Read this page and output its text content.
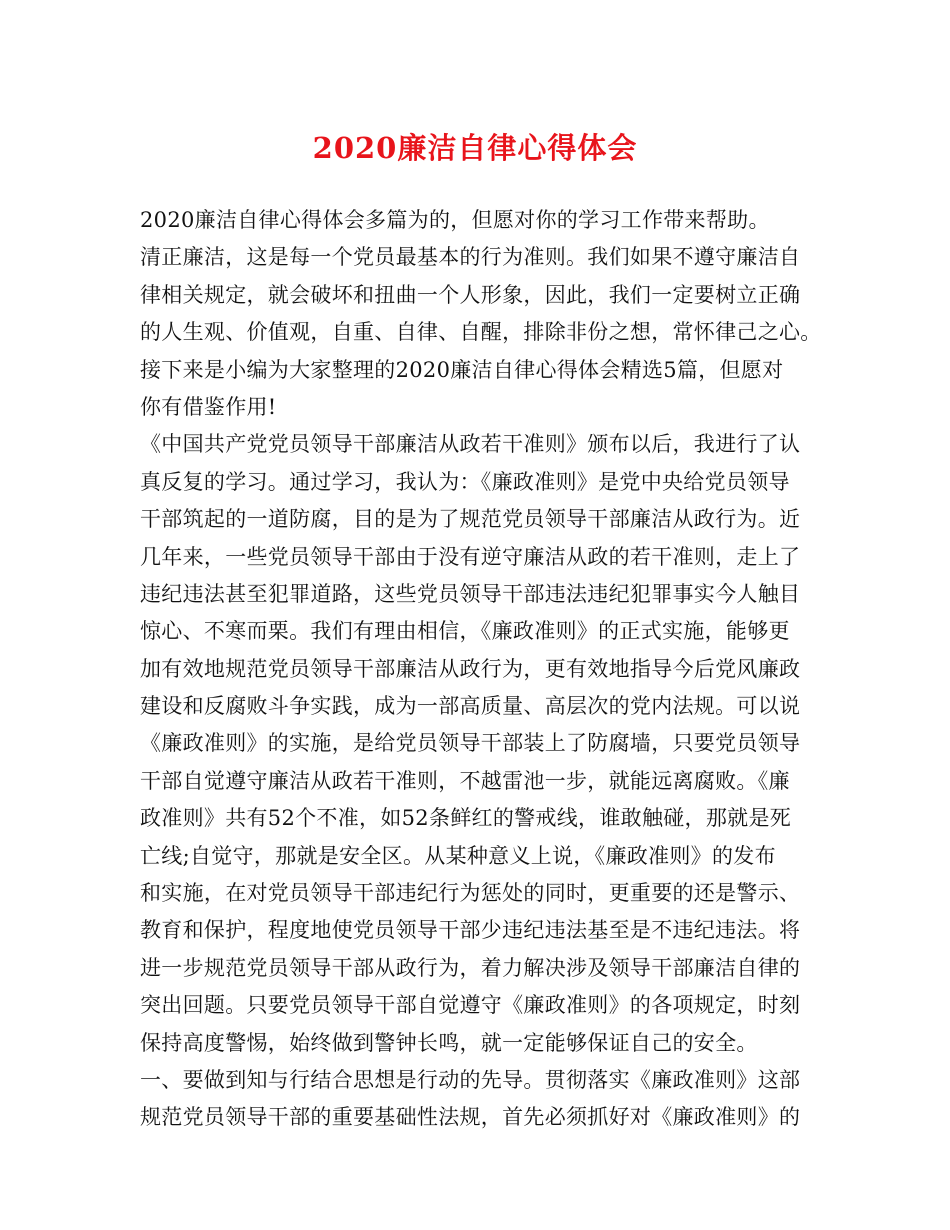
2020廉洁自律心得体会
2020廉洁自律心得体会多篇为的，但愿对你的学习工作带来帮助。
清正廉洁，这是每一个党员最基本的行为准则。我们如果不遵守廉洁自
律相关规定，就会破坏和扭曲一个人形象，因此，我们一定要树立正确
的人生观、价值观，自重、自律、自醒，排除非份之想，常怀律己之心。
接下来是小编为大家整理的2020廉洁自律心得体会精选5篇，但愿对
你有借鉴作用!
《中国共产党党员领导干部廉洁从政若干准则》颁布以后，我进行了认
真反复的学习。通过学习，我认为：《廉政准则》是党中央给党员领导
干部筑起的一道防腐，目的是为了规范党员领导干部廉洁从政行为。近
几年来，一些党员领导干部由于没有逆守廉洁从政的若干准则，走上了
违纪违法甚至犯罪道路，这些党员领导干部违法违纪犯罪事实今人触目
惊心、不寒而栗。我们有理由相信，《廉政准则》的正式实施，能够更
加有效地规范党员领导干部廉洁从政行为，更有效地指导今后党风廉政
建设和反腐败斗争实践，成为一部高质量、高层次的党内法规。可以说
《廉政准则》的实施，是给党员领导干部装上了防腐墙，只要党员领导
干部自觉遵守廉洁从政若干准则，不越雷池一步，就能远离腐败。《廉
政准则》共有52个不准，如52条鲜红的警戒线，谁敢触碰，那就是死
亡线;自觉守，那就是安全区。从某种意义上说，《廉政准则》的发布
和实施，在对党员领导干部违纪行为惩处的同时，更重要的还是警示、
教育和保护，程度地使党员领导干部少违纪违法基至是不违纪违法。将
进一步规范党员领导干部从政行为，着力解决涉及领导干部廉洁自律的
突出回题。只要党员领导干部自觉遵守《廉政准则》的各项规定，时刻
保持高度警惕，始终做到警钟长鸣，就一定能够保证自己的安全。
一、要做到知与行结合思想是行动的先导。贯彻落实《廉政准则》这部
规范党员领导干部的重要基础性法规，首先必须抓好对《廉政准则》的
